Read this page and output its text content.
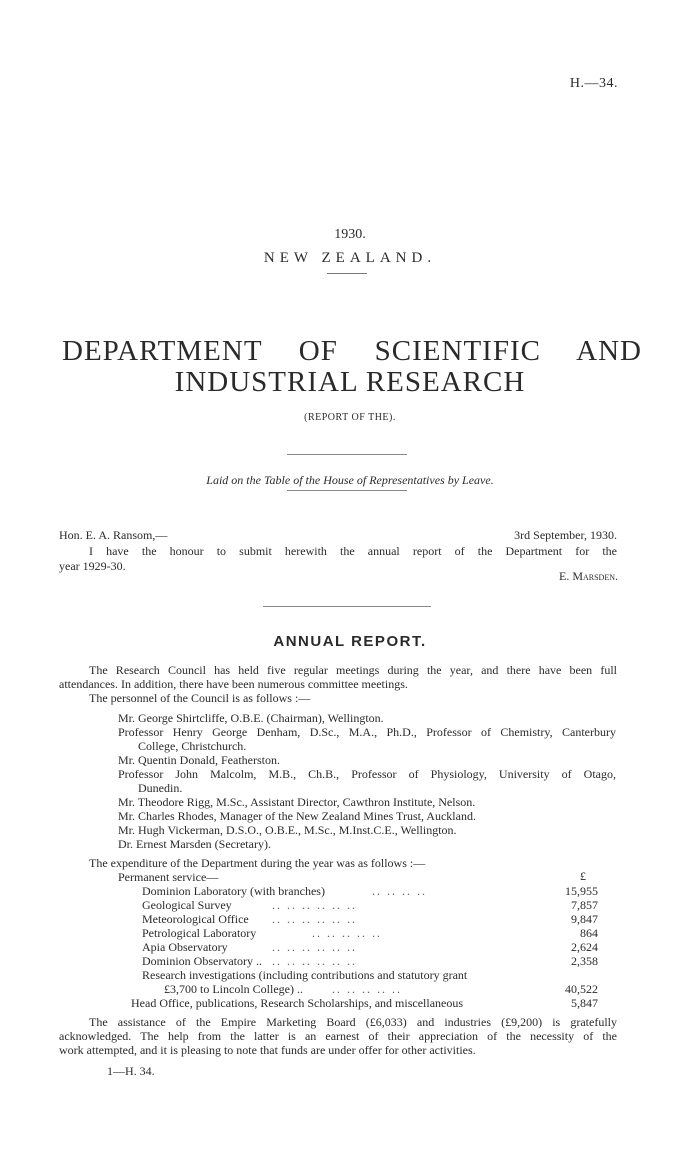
H.—34.
1930.
NEW ZEALAND.
DEPARTMENT OF SCIENTIFIC AND
INDUSTRIAL RESEARCH
(REPORT OF THE).
Laid on the Table of the House of Representatives by Leave.
Hon. E. A. Ransom,—	3rd September, 1930.
I have the honour to submit herewith the annual report of the Department for the
year 1929-30.
E. Marsden.
ANNUAL REPORT.
The Research Council has held five regular meetings during the year, and there have been full
attendances. In addition, there have been numerous committee meetings.
The personnel of the Council is as follows :—
Mr. George Shirtcliffe, O.B.E. (Chairman), Wellington.
Professor Henry George Denham, D.Sc., M.A., Ph.D., Professor of Chemistry, Canterbury
College, Christchurch.
Mr. Quentin Donald, Featherston.
Professor John Malcolm, M.B., Ch.B., Professor of Physiology, University of Otago,
Dunedin.
Mr. Theodore Rigg, M.Sc., Assistant Director, Cawthron Institute, Nelson.
Mr. Charles Rhodes, Manager of the New Zealand Mines Trust, Auckland.
Mr. Hugh Vickerman, D.S.O., O.B.E., M.Sc., M.Inst.C.E., Wellington.
Dr. Ernest Marsden (Secretary).
The expenditure of the Department during the year was as follows :—
£
Permanent service—
Dominion Laboratory (with branches)	.. .. .. ..	15,955
Geological Survey	.. .. .. .. .. ..	7,857
Meteorological Office .. .. .. .. .. ..	9,847
Petrological Laboratory	.. .. .. .. ..	864
Apia Observatory	.. .. .. .. .. ..	2,624
Dominion Observatory .. .. .. .. .. .. ..	2,358
Research investigations (including contributions and statutory grant
£3,700 to Lincoln College) .. .. .. .. .. ..	40,522
Head Office, publications, Research Scholarships, and miscellaneous	5,847
The assistance of the Empire Marketing Board (£6,033) and industries (£9,200) is gratefully
acknowledged. The help from the latter is an earnest of their appreciation of the necessity of the
work attempted, and it is pleasing to note that funds are under offer for other activities.
1—H. 34.
